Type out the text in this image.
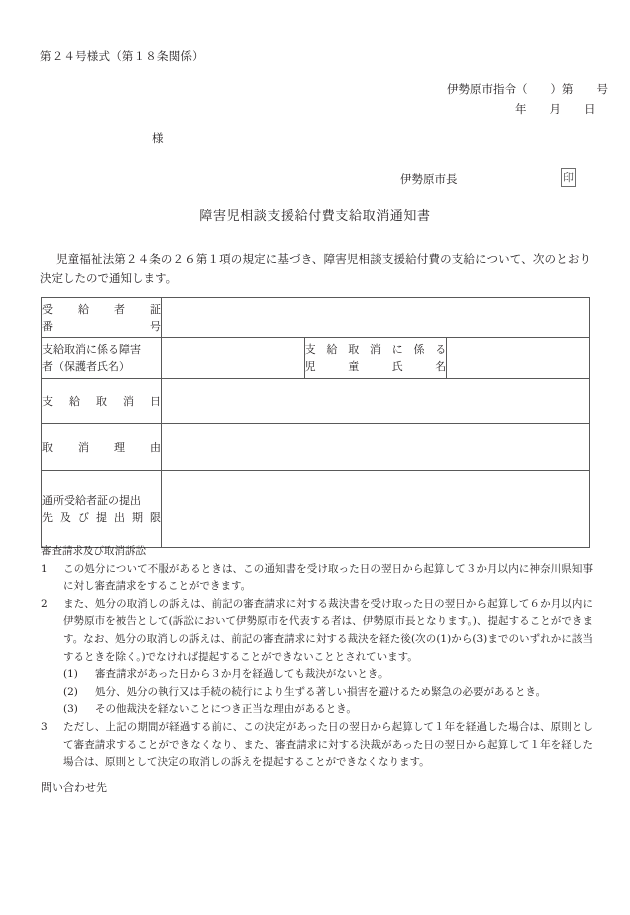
第２４号様式（第１８条関係）
伊勢原市指令（　　）第　　号
年　　月　　日
様
伊勢原市長	印
障害児相談支援給付費支給取消通知書
児童福祉法第２４条の２６第１項の規定に基づき、障害児相談支援給付費の支給について、次のとおり決定したので通知します。
受給者証
番　　　号			

支給取消に係る障害
者（保護者氏名）		支給取消に係る
児　童　氏　名	

支給取消日			

取消理由			

通所受給者証の提出
先及び提出期限			

審査請求及び取消訴訟
1 この処分について不服があるときは、この通知書を受け取った日の翌日から起算して３か月以内に神奈川県知事に対し審査請求をすることができます。
2 また、処分の取消しの訴えは、前記の審査請求に対する裁決書を受け取った日の翌日から起算して６か月以内に伊勢原市を被告として(訴訟において伊勢原市を代表する者は、伊勢原市長となります。)、提起することができます。なお、処分の取消しの訴えは、前記の審査請求に対する裁決を経た後(次の(1)から(3)までのいずれかに該当するときを除く。)でなければ提起することができないこととされています。
(1) 審査請求があった日から３か月を経過しても裁決がないとき。
(2) 処分、処分の執行又は手続の続行により生ずる著しい損害を避けるため緊急の必要があるとき。
(3) その他裁決を経ないことにつき正当な理由があるとき。
3 ただし、上記の期間が経過する前に、この決定があった日の翌日から起算して１年を経過した場合は、原則として審査請求することができなくなり、また、審査請求に対する決裁があった日の翌日から起算して１年を経した場合は、原則として決定の取消しの訴えを提起することができなくなります。
問い合わせ先
